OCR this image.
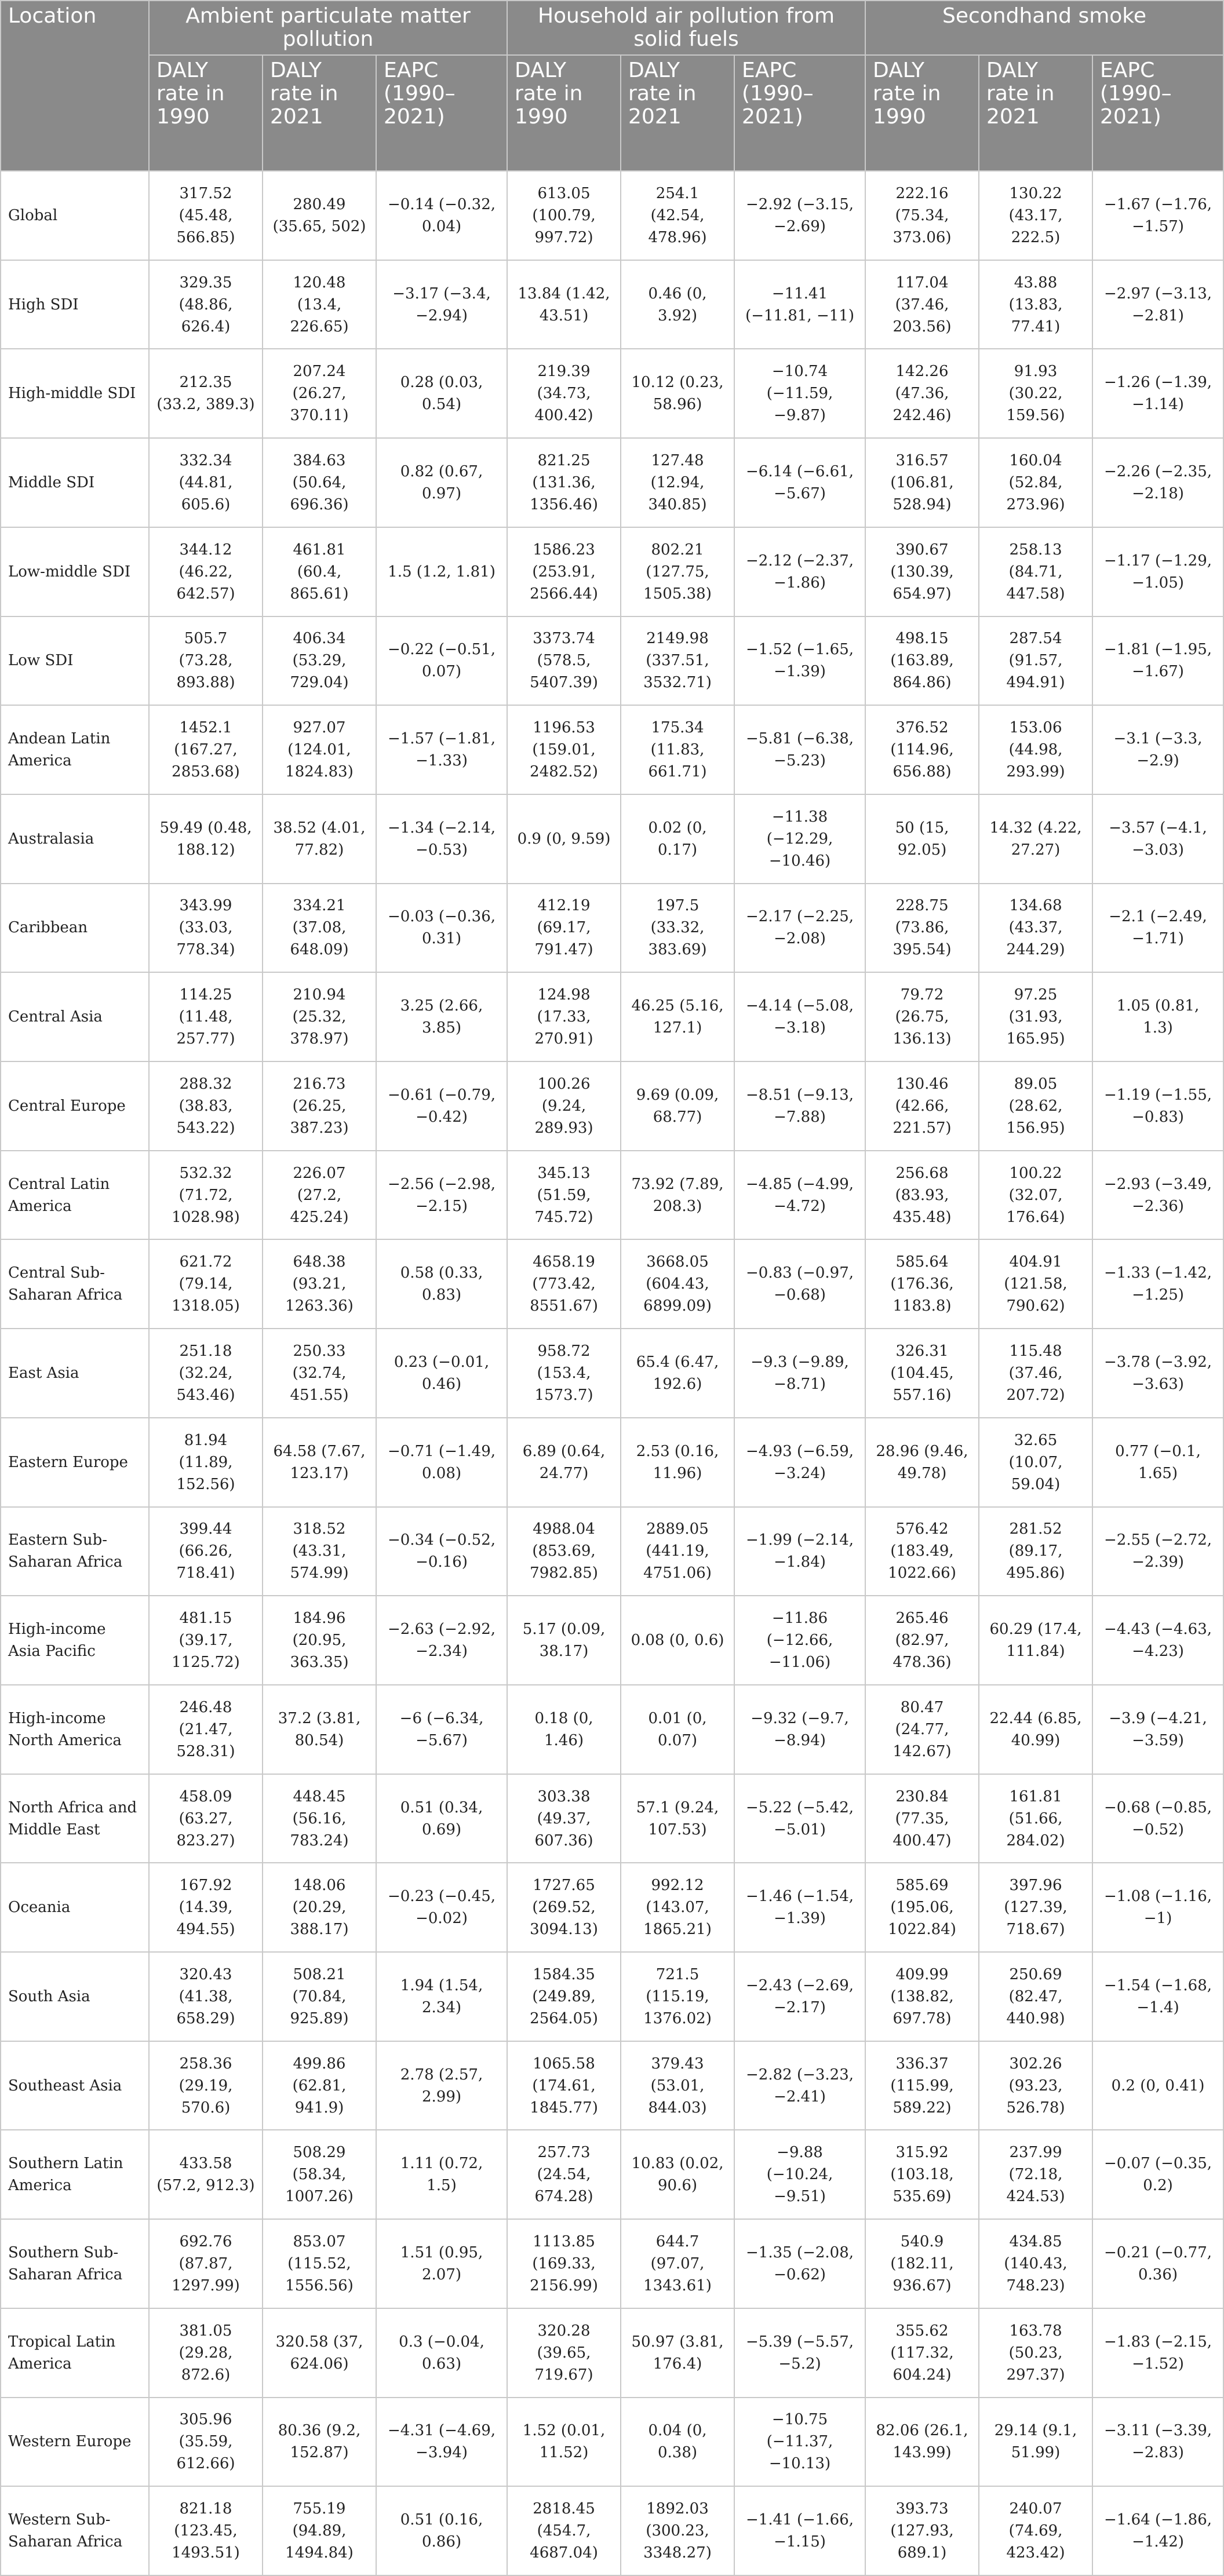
Location	Ambient particulate matter pollution			Household air pollution from solid fuels			Secondhand smoke		
	DALY rate in 1990	DALY rate in 2021	EAPC (1990–2021)	DALY rate in 1990	DALY rate in 2021	EAPC (1990–2021)	DALY rate in 1990	DALY rate in 2021	EAPC (1990–2021)
Global	317.52 (45.48, 566.85)	280.49 (35.65, 502)	−0.14 (−0.32, 0.04)	613.05 (100.79, 997.72)	254.1 (42.54, 478.96)	−2.92 (−3.15, −2.69)	222.16 (75.34, 373.06)	130.22 (43.17, 222.5)	−1.67 (−1.76, −1.57)
High SDI	329.35 (48.86, 626.4)	120.48 (13.4, 226.65)	−3.17 (−3.4, −2.94)	13.84 (1.42, 43.51)	0.46 (0, 3.92)	−11.41 (−11.81, −11)	117.04 (37.46, 203.56)	43.88 (13.83, 77.41)	−2.97 (−3.13, −2.81)
High-middle SDI	212.35 (33.2, 389.3)	207.24 (26.27, 370.11)	0.28 (0.03, 0.54)	219.39 (34.73, 400.42)	10.12 (0.23, 58.96)	−10.74 (−11.59, −9.87)	142.26 (47.36, 242.46)	91.93 (30.22, 159.56)	−1.26 (−1.39, −1.14)
Middle SDI	332.34 (44.81, 605.6)	384.63 (50.64, 696.36)	0.82 (0.67, 0.97)	821.25 (131.36, 1356.46)	127.48 (12.94, 340.85)	−6.14 (−6.61, −5.67)	316.57 (106.81, 528.94)	160.04 (52.84, 273.96)	−2.26 (−2.35, −2.18)
Low-middle SDI	344.12 (46.22, 642.57)	461.81 (60.4, 865.61)	1.5 (1.2, 1.81)	1586.23 (253.91, 2566.44)	802.21 (127.75, 1505.38)	−2.12 (−2.37, −1.86)	390.67 (130.39, 654.97)	258.13 (84.71, 447.58)	−1.17 (−1.29, −1.05)
Low SDI	505.7 (73.28, 893.88)	406.34 (53.29, 729.04)	−0.22 (−0.51, 0.07)	3373.74 (578.5, 5407.39)	2149.98 (337.51, 3532.71)	−1.52 (−1.65, −1.39)	498.15 (163.89, 864.86)	287.54 (91.57, 494.91)	−1.81 (−1.95, −1.67)
Andean Latin America	1452.1 (167.27, 2853.68)	927.07 (124.01, 1824.83)	−1.57 (−1.81, −1.33)	1196.53 (159.01, 2482.52)	175.34 (11.83, 661.71)	−5.81 (−6.38, −5.23)	376.52 (114.96, 656.88)	153.06 (44.98, 293.99)	−3.1 (−3.3, −2.9)
Australasia	59.49 (0.48, 188.12)	38.52 (4.01, 77.82)	−1.34 (−2.14, −0.53)	0.9 (0, 9.59)	0.02 (0, 0.17)	−11.38 (−12.29, −10.46)	50 (15, 92.05)	14.32 (4.22, 27.27)	−3.57 (−4.1, −3.03)
Caribbean	343.99 (33.03, 778.34)	334.21 (37.08, 648.09)	−0.03 (−0.36, 0.31)	412.19 (69.17, 791.47)	197.5 (33.32, 383.69)	−2.17 (−2.25, −2.08)	228.75 (73.86, 395.54)	134.68 (43.37, 244.29)	−2.1 (−2.49, −1.71)
Central Asia	114.25 (11.48, 257.77)	210.94 (25.32, 378.97)	3.25 (2.66, 3.85)	124.98 (17.33, 270.91)	46.25 (5.16, 127.1)	−4.14 (−5.08, −3.18)	79.72 (26.75, 136.13)	97.25 (31.93, 165.95)	1.05 (0.81, 1.3)
Central Europe	288.32 (38.83, 543.22)	216.73 (26.25, 387.23)	−0.61 (−0.79, −0.42)	100.26 (9.24, 289.93)	9.69 (0.09, 68.77)	−8.51 (−9.13, −7.88)	130.46 (42.66, 221.57)	89.05 (28.62, 156.95)	−1.19 (−1.55, −0.83)
Central Latin America	532.32 (71.72, 1028.98)	226.07 (27.2, 425.24)	−2.56 (−2.98, −2.15)	345.13 (51.59, 745.72)	73.92 (7.89, 208.3)	−4.85 (−4.99, −4.72)	256.68 (83.93, 435.48)	100.22 (32.07, 176.64)	−2.93 (−3.49, −2.36)
Central Sub-Saharan Africa	621.72 (79.14, 1318.05)	648.38 (93.21, 1263.36)	0.58 (0.33, 0.83)	4658.19 (773.42, 8551.67)	3668.05 (604.43, 6899.09)	−0.83 (−0.97, −0.68)	585.64 (176.36, 1183.8)	404.91 (121.58, 790.62)	−1.33 (−1.42, −1.25)
East Asia	251.18 (32.24, 543.46)	250.33 (32.74, 451.55)	0.23 (−0.01, 0.46)	958.72 (153.4, 1573.7)	65.4 (6.47, 192.6)	−9.3 (−9.89, −8.71)	326.31 (104.45, 557.16)	115.48 (37.46, 207.72)	−3.78 (−3.92, −3.63)
Eastern Europe	81.94 (11.89, 152.56)	64.58 (7.67, 123.17)	−0.71 (−1.49, 0.08)	6.89 (0.64, 24.77)	2.53 (0.16, 11.96)	−4.93 (−6.59, −3.24)	28.96 (9.46, 49.78)	32.65 (10.07, 59.04)	0.77 (−0.1, 1.65)
Eastern Sub-Saharan Africa	399.44 (66.26, 718.41)	318.52 (43.31, 574.99)	−0.34 (−0.52, −0.16)	4988.04 (853.69, 7982.85)	2889.05 (441.19, 4751.06)	−1.99 (−2.14, −1.84)	576.42 (183.49, 1022.66)	281.52 (89.17, 495.86)	−2.55 (−2.72, −2.39)
High-income Asia Pacific	481.15 (39.17, 1125.72)	184.96 (20.95, 363.35)	−2.63 (−2.92, −2.34)	5.17 (0.09, 38.17)	0.08 (0, 0.6)	−11.86 (−12.66, −11.06)	265.46 (82.97, 478.36)	60.29 (17.4, 111.84)	−4.43 (−4.63, −4.23)
High-income North America	246.48 (21.47, 528.31)	37.2 (3.81, 80.54)	−6 (−6.34, −5.67)	0.18 (0, 1.46)	0.01 (0, 0.07)	−9.32 (−9.7, −8.94)	80.47 (24.77, 142.67)	22.44 (6.85, 40.99)	−3.9 (−4.21, −3.59)
North Africa and Middle East	458.09 (63.27, 823.27)	448.45 (56.16, 783.24)	0.51 (0.34, 0.69)	303.38 (49.37, 607.36)	57.1 (9.24, 107.53)	−5.22 (−5.42, −5.01)	230.84 (77.35, 400.47)	161.81 (51.66, 284.02)	−0.68 (−0.85, −0.52)
Oceania	167.92 (14.39, 494.55)	148.06 (20.29, 388.17)	−0.23 (−0.45, −0.02)	1727.65 (269.52, 3094.13)	992.12 (143.07, 1865.21)	−1.46 (−1.54, −1.39)	585.69 (195.06, 1022.84)	397.96 (127.39, 718.67)	−1.08 (−1.16, −1)
South Asia	320.43 (41.38, 658.29)	508.21 (70.84, 925.89)	1.94 (1.54, 2.34)	1584.35 (249.89, 2564.05)	721.5 (115.19, 1376.02)	−2.43 (−2.69, −2.17)	409.99 (138.82, 697.78)	250.69 (82.47, 440.98)	−1.54 (−1.68, −1.4)
Southeast Asia	258.36 (29.19, 570.6)	499.86 (62.81, 941.9)	2.78 (2.57, 2.99)	1065.58 (174.61, 1845.77)	379.43 (53.01, 844.03)	−2.82 (−3.23, −2.41)	336.37 (115.99, 589.22)	302.26 (93.23, 526.78)	0.2 (0, 0.41)
Southern Latin America	433.58 (57.2, 912.3)	508.29 (58.34, 1007.26)	1.11 (0.72, 1.5)	257.73 (24.54, 674.28)	10.83 (0.02, 90.6)	−9.88 (−10.24, −9.51)	315.92 (103.18, 535.69)	237.99 (72.18, 424.53)	−0.07 (−0.35, 0.2)
Southern Sub-Saharan Africa	692.76 (87.87, 1297.99)	853.07 (115.52, 1556.56)	1.51 (0.95, 2.07)	1113.85 (169.33, 2156.99)	644.7 (97.07, 1343.61)	−1.35 (−2.08, −0.62)	540.9 (182.11, 936.67)	434.85 (140.43, 748.23)	−0.21 (−0.77, 0.36)
Tropical Latin America	381.05 (29.28, 872.6)	320.58 (37, 624.06)	0.3 (−0.04, 0.63)	320.28 (39.65, 719.67)	50.97 (3.81, 176.4)	−5.39 (−5.57, −5.2)	355.62 (117.32, 604.24)	163.78 (50.23, 297.37)	−1.83 (−2.15, −1.52)
Western Europe	305.96 (35.59, 612.66)	80.36 (9.2, 152.87)	−4.31 (−4.69, −3.94)	1.52 (0.01, 11.52)	0.04 (0, 0.38)	−10.75 (−11.37, −10.13)	82.06 (26.1, 143.99)	29.14 (9.1, 51.99)	−3.11 (−3.39, −2.83)
Western Sub-Saharan Africa	821.18 (123.45, 1493.51)	755.19 (94.89, 1494.84)	0.51 (0.16, 0.86)	2818.45 (454.7, 4687.04)	1892.03 (300.23, 3348.27)	−1.41 (−1.66, −1.15)	393.73 (127.93, 689.1)	240.07 (74.69, 423.42)	−1.64 (−1.86, −1.42)
